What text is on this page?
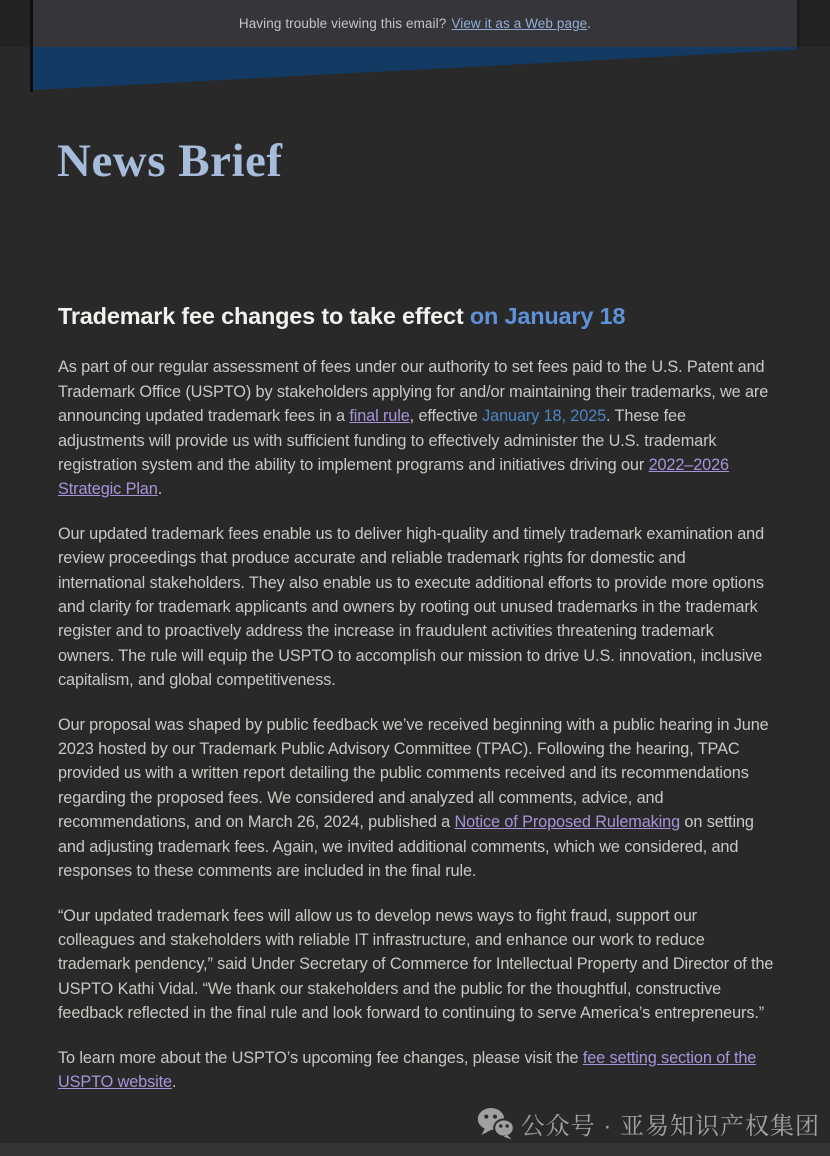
Having trouble viewing this email? View it as a Web page .
News Brief
Trademark fee changes to take effect on January 18

As part of our regular assessment of fees under our authority to set fees paid to the U.S. Patent and Trademark Office (USPTO) by stakeholders applying for and/or maintaining their trademarks, we are announcing updated trademark fees in a final rule, effective January 18, 2025. These fee adjustments will provide us with sufficient funding to effectively administer the U.S. trademark registration system and the ability to implement programs and initiatives driving our 2022–2026 Strategic Plan.

Our updated trademark fees enable us to deliver high-quality and timely trademark examination and review proceedings that produce accurate and reliable trademark rights for domestic and international stakeholders. They also enable us to execute additional efforts to provide more options and clarity for trademark applicants and owners by rooting out unused trademarks in the trademark register and to proactively address the increase in fraudulent activities threatening trademark owners. The rule will equip the USPTO to accomplish our mission to drive U.S. innovation, inclusive capitalism, and global competitiveness.

Our proposal was shaped by public feedback we’ve received beginning with a public hearing in June 2023 hosted by our Trademark Public Advisory Committee (TPAC). Following the hearing, TPAC provided us with a written report detailing the public comments received and its recommendations regarding the proposed fees. We considered and analyzed all comments, advice, and recommendations, and on March 26, 2024, published a Notice of Proposed Rulemaking on setting and adjusting trademark fees. Again, we invited additional comments, which we considered, and responses to these comments are included in the final rule.

“Our updated trademark fees will allow us to develop news ways to fight fraud, support our colleagues and stakeholders with reliable IT infrastructure, and enhance our work to reduce trademark pendency,” said Under Secretary of Commerce for Intellectual Property and Director of the USPTO Kathi Vidal. “We thank our stakeholders and the public for the thoughtful, constructive feedback reflected in the final rule and look forward to continuing to serve America’s entrepreneurs.”

To learn more about the USPTO’s upcoming fee changes, please visit the fee setting section of the USPTO website.

公众号 · 亚易知识产权集团
